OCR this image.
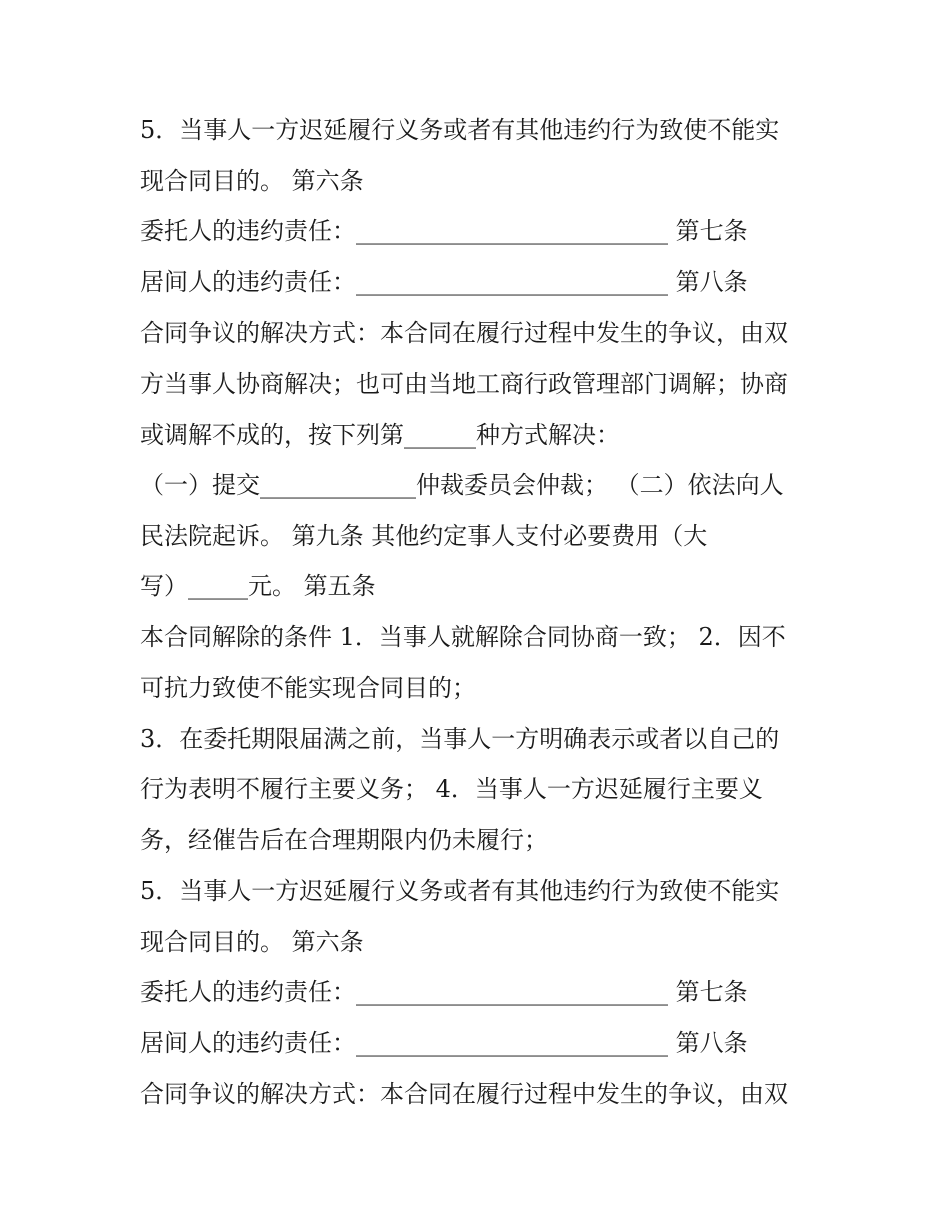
5．当事人一方迟延履行义务或者有其他违约行为致使不能实
现合同目的。 第六条
委托人的违约责任：__________________________ 第七条
居间人的违约责任：__________________________ 第八条
合同争议的解决方式：本合同在履行过程中发生的争议，由双
方当事人协商解决；也可由当地工商行政管理部门调解；协商
或调解不成的，按下列第______种方式解决：
（一）提交_____________仲裁委员会仲裁； （二）依法向人
民法院起诉。 第九条 其他约定事人支付必要费用（大
写）_____元。 第五条
本合同解除的条件 1．当事人就解除合同协商一致； 2．因不
可抗力致使不能实现合同目的；
3．在委托期限届满之前，当事人一方明确表示或者以自己的
行为表明不履行主要义务； 4．当事人一方迟延履行主要义
务，经催告后在合理期限内仍未履行；
5．当事人一方迟延履行义务或者有其他违约行为致使不能实
现合同目的。 第六条
委托人的违约责任：__________________________ 第七条
居间人的违约责任：__________________________ 第八条
合同争议的解决方式：本合同在履行过程中发生的争议，由双
